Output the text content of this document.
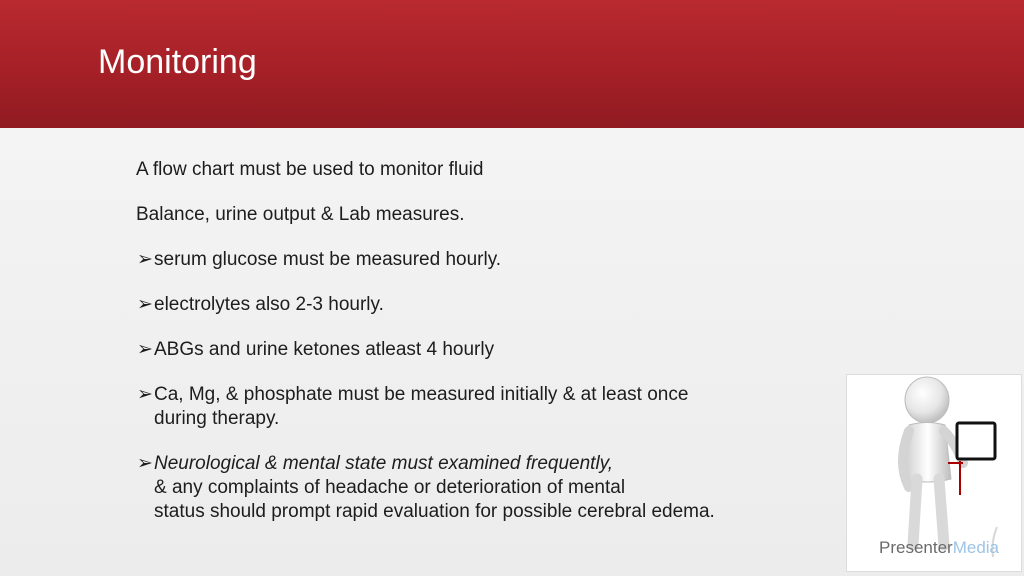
Monitoring

A flow chart must be used to monitor fluid

Balance, urine output & Lab measures.

➢ serum glucose must be measured hourly.
➢ electrolytes also 2-3 hourly.
➢ ABGs and urine ketones atleast 4 hourly
➢ Ca, Mg, & phosphate must be measured initially & at least once
during therapy.
➢ Neurological & mental state must examined frequently,
& any complaints of headache or deterioration of mental
status should prompt rapid evaluation for possible cerebral edema.
PresenterMedia
